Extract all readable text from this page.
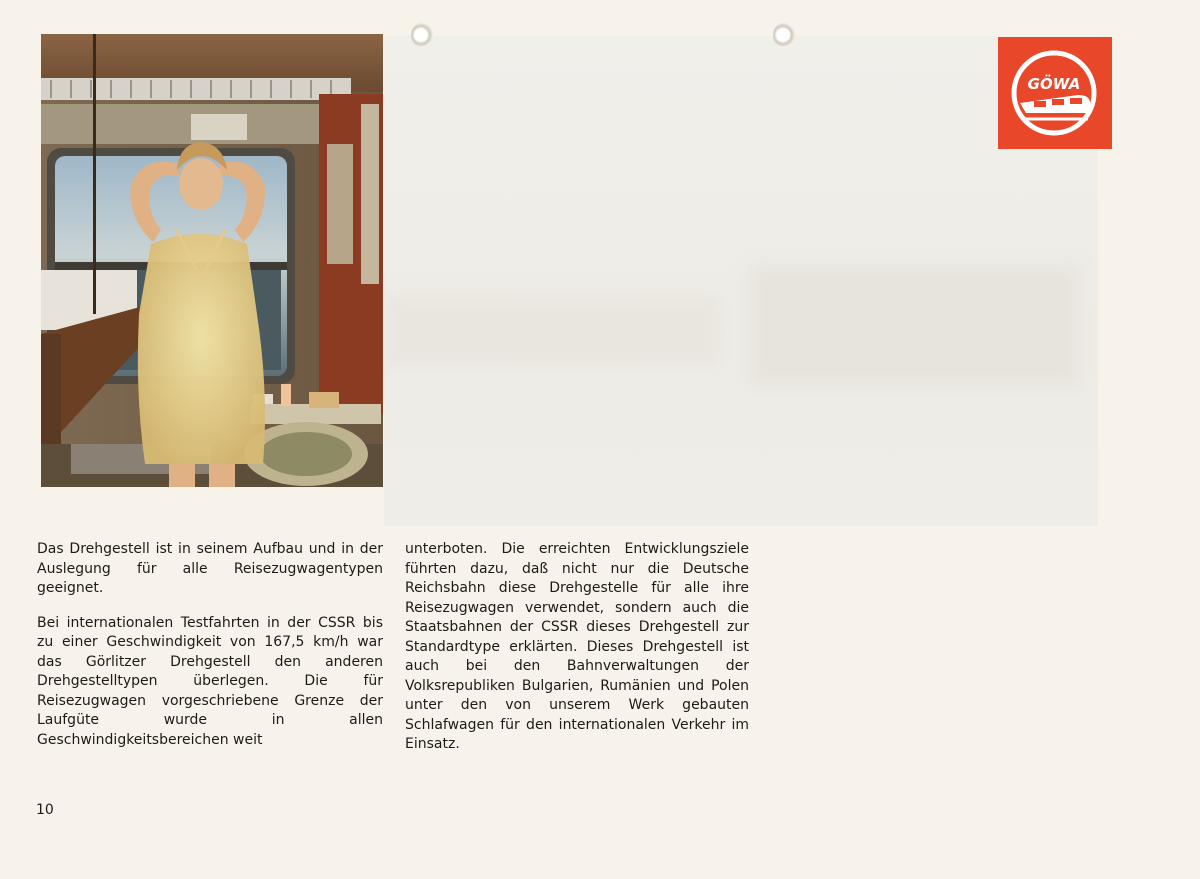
GÖWA

Das Drehgestell ist in seinem Aufbau und in der Auslegung für alle Reisezugwagentypen geeignet.

Bei internationalen Testfahrten in der CSSR bis zu einer Geschwindigkeit von 167,5 km/h war das Görlitzer Drehgestell den anderen Drehgestelltypen überlegen. Die für Reisezugwagen vorgeschriebene Grenze der Laufgüte wurde in allen Geschwindigkeitsbereichen weit

unterboten. Die erreichten Entwicklungsziele führten dazu, daß nicht nur die Deutsche Reichsbahn diese Drehgestelle für alle ihre Reisezugwagen verwendet, sondern auch die Staatsbahnen der CSSR dieses Drehgestell zur Standardtype erklärten. Dieses Drehgestell ist auch bei den Bahnverwaltungen der Volksrepubliken Bulgarien, Rumänien und Polen unter den von unserem Werk gebauten Schlafwagen für den internationalen Verkehr im Einsatz.

10
